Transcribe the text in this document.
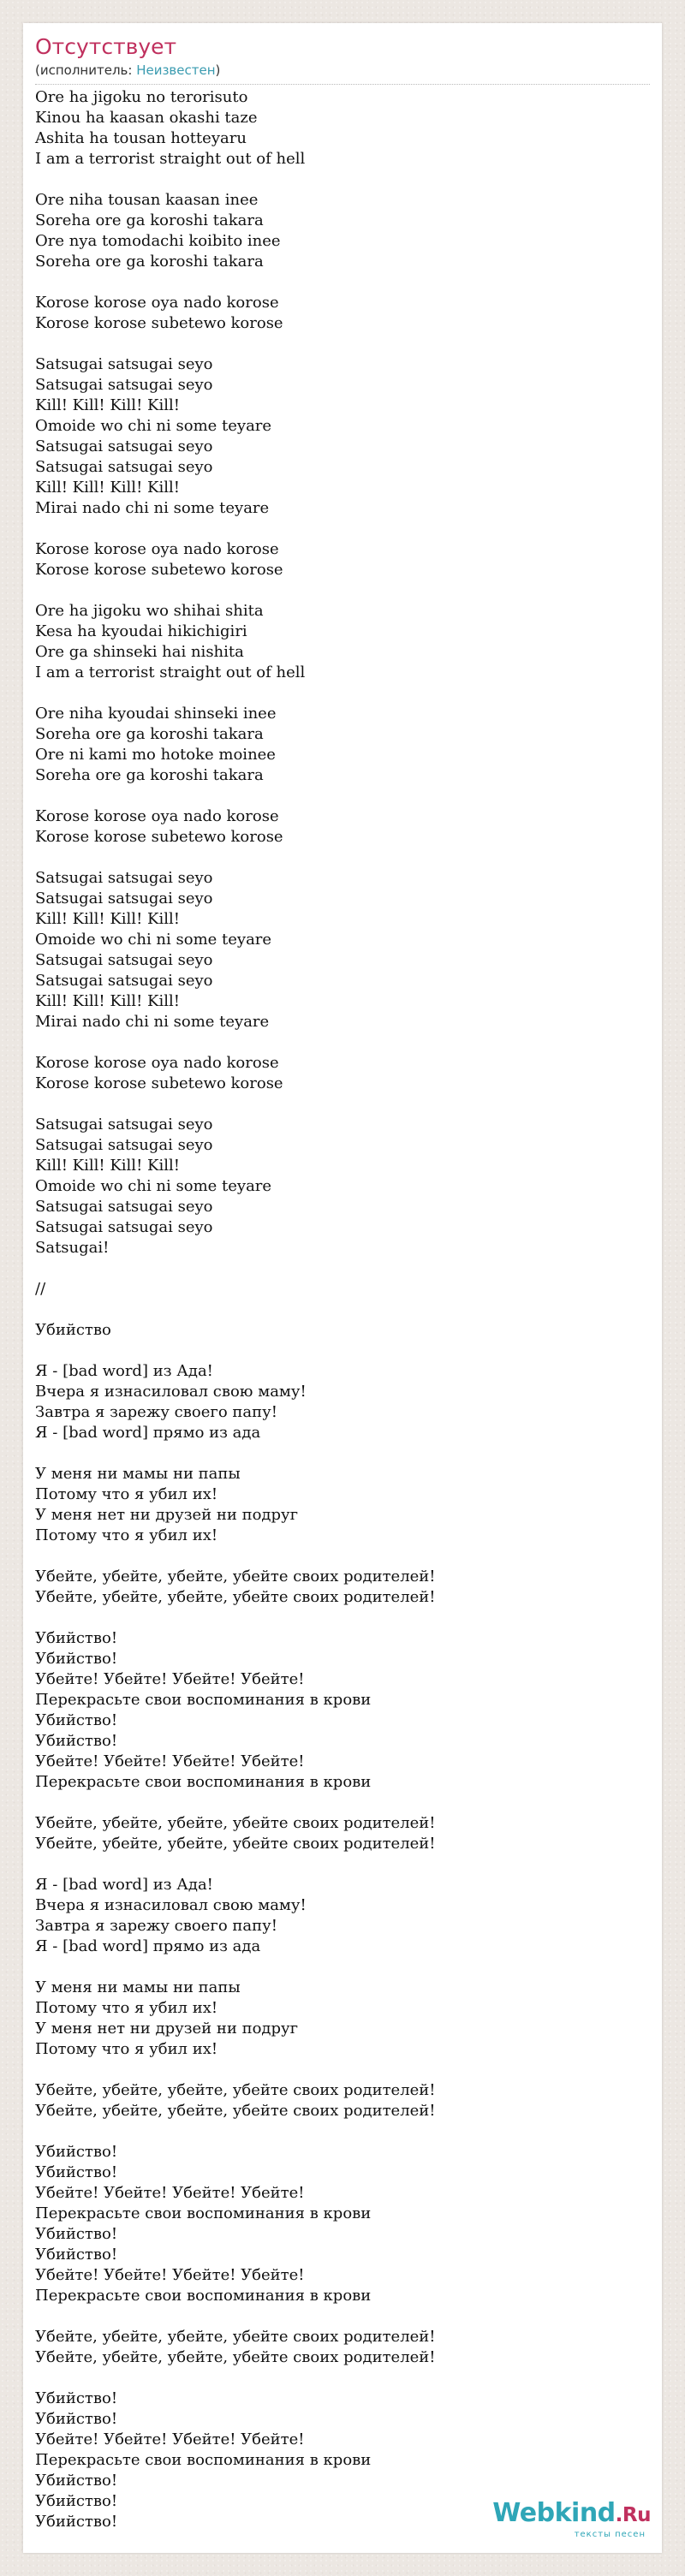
Отсутствует
(исполнитель: Неизвестен)
Ore ha jigoku no terorisuto
Kinou ha kaasan okashi taze
Ashita ha tousan hotteyaru
I am a terrorist straight out of hell
Ore niha tousan kaasan inee
Soreha ore ga koroshi takara
Ore nya tomodachi koibito inee
Soreha ore ga koroshi takara
Korose korose oya nado korose
Korose korose subetewo korose
Satsugai satsugai seyo
Satsugai satsugai seyo
Kill! Kill! Kill! Kill!
Omoide wo chi ni some teyare
Satsugai satsugai seyo
Satsugai satsugai seyo
Kill! Kill! Kill! Kill!
Mirai nado chi ni some teyare
Korose korose oya nado korose
Korose korose subetewo korose
Ore ha jigoku wo shihai shita
Kesa ha kyoudai hikichigiri
Ore ga shinseki hai nishita
I am a terrorist straight out of hell
Ore niha kyoudai shinseki inee
Soreha ore ga koroshi takara
Ore ni kami mo hotoke moinee
Soreha ore ga koroshi takara
Korose korose oya nado korose
Korose korose subetewo korose
Satsugai satsugai seyo
Satsugai satsugai seyo
Kill! Kill! Kill! Kill!
Omoide wo chi ni some teyare
Satsugai satsugai seyo
Satsugai satsugai seyo
Kill! Kill! Kill! Kill!
Mirai nado chi ni some teyare
Korose korose oya nado korose
Korose korose subetewo korose
Satsugai satsugai seyo
Satsugai satsugai seyo
Kill! Kill! Kill! Kill!
Omoide wo chi ni some teyare
Satsugai satsugai seyo
Satsugai satsugai seyo
Satsugai!
//
Убийство
Я - [bad word] из Ада!
Вчера я изнасиловал свою маму!
Завтра я зарежу своего папу!
Я - [bad word] прямо из ада
У меня ни мамы ни папы
Потому что я убил их!
У меня нет ни друзей ни подруг
Потому что я убил их!
Убейте, убейте, убейте, убейте своих родителей!
Убейте, убейте, убейте, убейте своих родителей!
Убийство!
Убийство!
Убейте! Убейте! Убейте! Убейте!
Перекрасьте свои воспоминания в крови
Убийство!
Убийство!
Убейте! Убейте! Убейте! Убейте!
Перекрасьте свои воспоминания в крови
Убейте, убейте, убейте, убейте своих родителей!
Убейте, убейте, убейте, убейте своих родителей!
Я - [bad word] из Ада!
Вчера я изнасиловал свою маму!
Завтра я зарежу своего папу!
Я - [bad word] прямо из ада
У меня ни мамы ни папы
Потому что я убил их!
У меня нет ни друзей ни подруг
Потому что я убил их!
Убейте, убейте, убейте, убейте своих родителей!
Убейте, убейте, убейте, убейте своих родителей!
Убийство!
Убийство!
Убейте! Убейте! Убейте! Убейте!
Перекрасьте свои воспоминания в крови
Убийство!
Убийство!
Убейте! Убейте! Убейте! Убейте!
Перекрасьте свои воспоминания в крови
Убейте, убейте, убейте, убейте своих родителей!
Убейте, убейте, убейте, убейте своих родителей!
Убийство!
Убийство!
Убейте! Убейте! Убейте! Убейте!
Перекрасьте свои воспоминания в крови
Убийство!
Убийство!
Убийство!	Webkind.Ru
тексты песен
